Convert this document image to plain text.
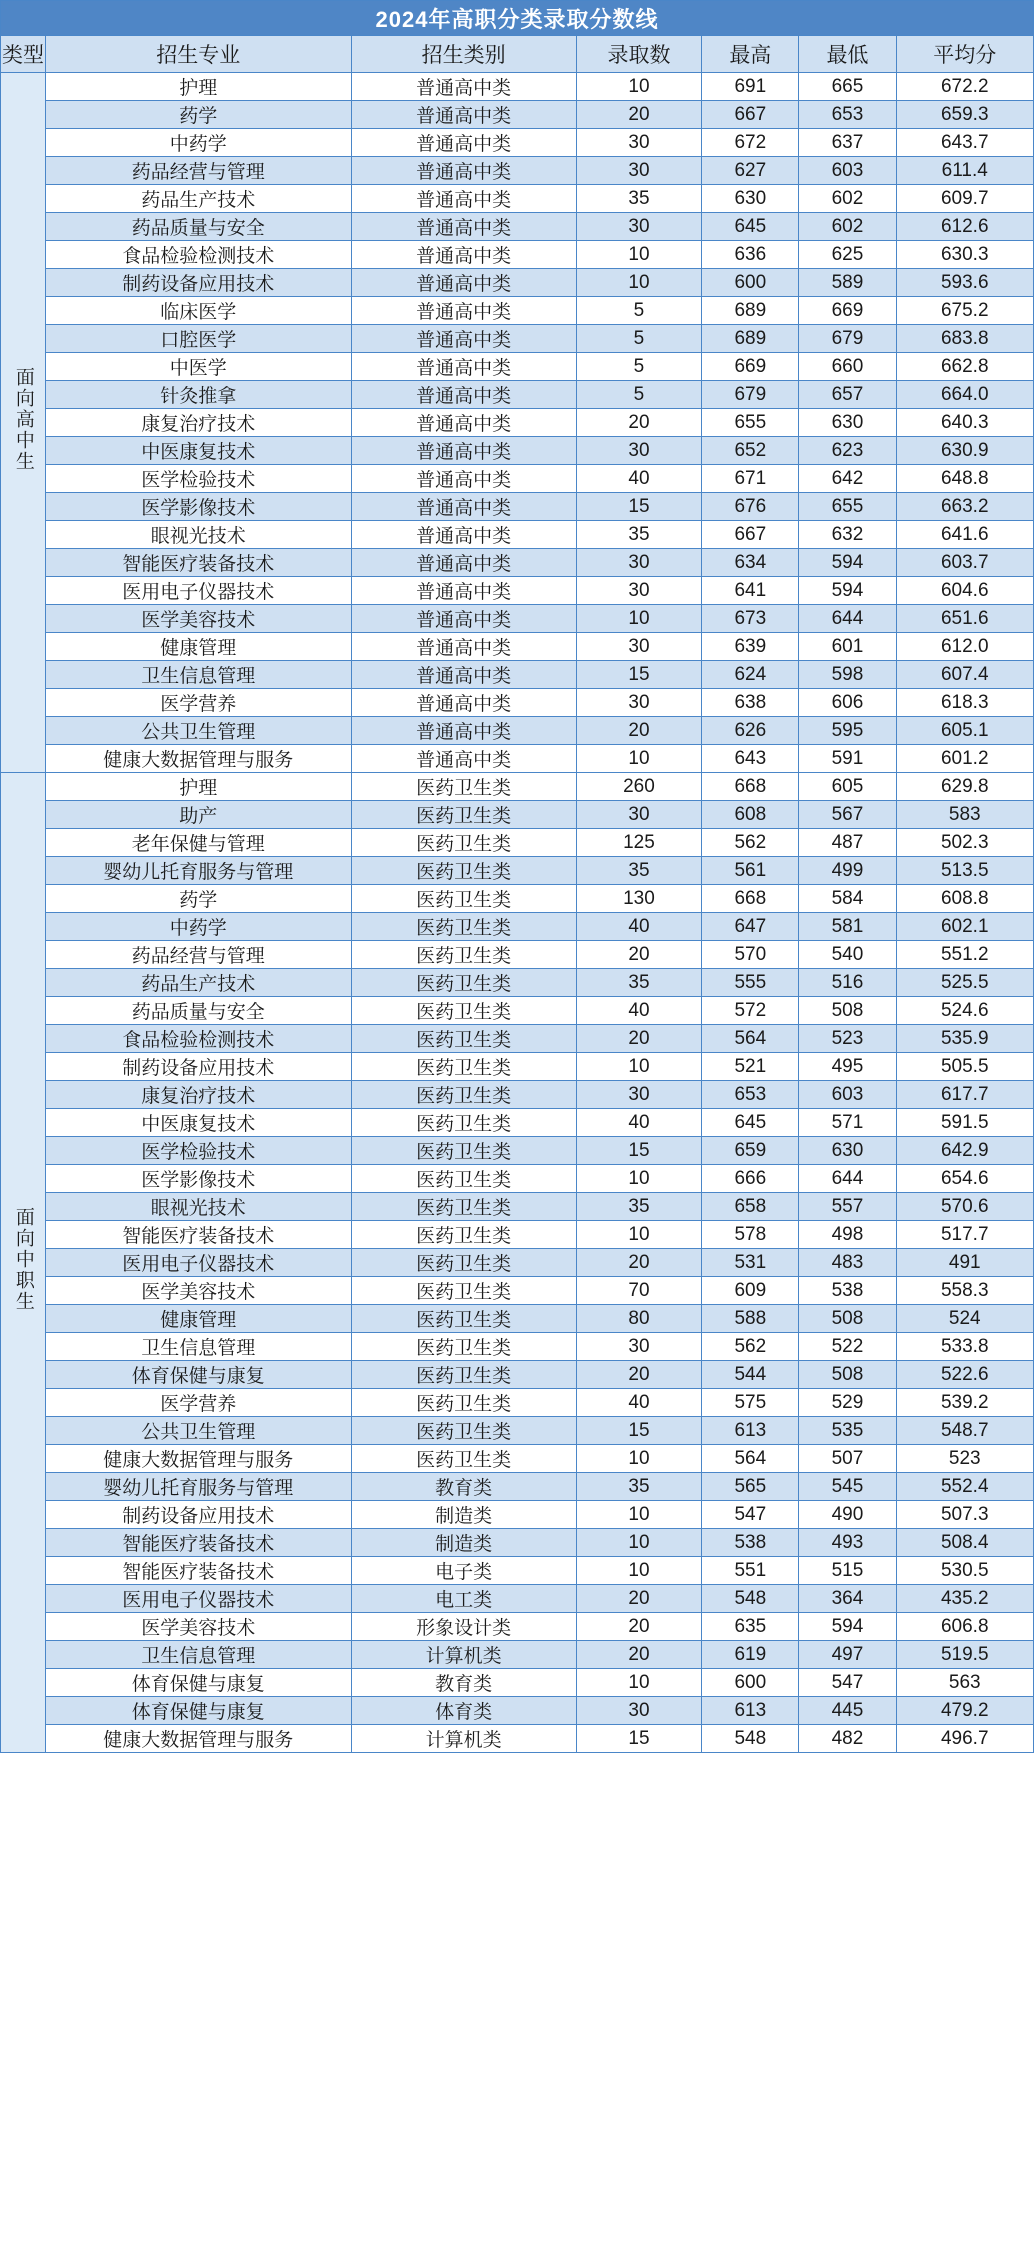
2024年高职分类录取分数线						
类型	招生专业	招生类别	录取数	最高	最低	平均分
面向高中生	护理	普通高中类	10	691	665	672.2
	药学	普通高中类	20	667	653	659.3
	中药学	普通高中类	30	672	637	643.7
	药品经营与管理	普通高中类	30	627	603	611.4
	药品生产技术	普通高中类	35	630	602	609.7
	药品质量与安全	普通高中类	30	645	602	612.6
	食品检验检测技术	普通高中类	10	636	625	630.3
	制药设备应用技术	普通高中类	10	600	589	593.6
	临床医学	普通高中类	5	689	669	675.2
	口腔医学	普通高中类	5	689	679	683.8
	中医学	普通高中类	5	669	660	662.8
	针灸推拿	普通高中类	5	679	657	664.0
	康复治疗技术	普通高中类	20	655	630	640.3
	中医康复技术	普通高中类	30	652	623	630.9
	医学检验技术	普通高中类	40	671	642	648.8
	医学影像技术	普通高中类	15	676	655	663.2
	眼视光技术	普通高中类	35	667	632	641.6
	智能医疗装备技术	普通高中类	30	634	594	603.7
	医用电子仪器技术	普通高中类	30	641	594	604.6
	医学美容技术	普通高中类	10	673	644	651.6
	健康管理	普通高中类	30	639	601	612.0
	卫生信息管理	普通高中类	15	624	598	607.4
	医学营养	普通高中类	30	638	606	618.3
	公共卫生管理	普通高中类	20	626	595	605.1
	健康大数据管理与服务	普通高中类	10	643	591	601.2
面向中职生	护理	医药卫生类	260	668	605	629.8
	助产	医药卫生类	30	608	567	583
	老年保健与管理	医药卫生类	125	562	487	502.3
	婴幼儿托育服务与管理	医药卫生类	35	561	499	513.5
	药学	医药卫生类	130	668	584	608.8
	中药学	医药卫生类	40	647	581	602.1
	药品经营与管理	医药卫生类	20	570	540	551.2
	药品生产技术	医药卫生类	35	555	516	525.5
	药品质量与安全	医药卫生类	40	572	508	524.6
	食品检验检测技术	医药卫生类	20	564	523	535.9
	制药设备应用技术	医药卫生类	10	521	495	505.5
	康复治疗技术	医药卫生类	30	653	603	617.7
	中医康复技术	医药卫生类	40	645	571	591.5
	医学检验技术	医药卫生类	15	659	630	642.9
	医学影像技术	医药卫生类	10	666	644	654.6
	眼视光技术	医药卫生类	35	658	557	570.6
	智能医疗装备技术	医药卫生类	10	578	498	517.7
	医用电子仪器技术	医药卫生类	20	531	483	491
	医学美容技术	医药卫生类	70	609	538	558.3
	健康管理	医药卫生类	80	588	508	524
	卫生信息管理	医药卫生类	30	562	522	533.8
	体育保健与康复	医药卫生类	20	544	508	522.6
	医学营养	医药卫生类	40	575	529	539.2
	公共卫生管理	医药卫生类	15	613	535	548.7
	健康大数据管理与服务	医药卫生类	10	564	507	523
	婴幼儿托育服务与管理	教育类	35	565	545	552.4
	制药设备应用技术	制造类	10	547	490	507.3
	智能医疗装备技术	制造类	10	538	493	508.4
	智能医疗装备技术	电子类	10	551	515	530.5
	医用电子仪器技术	电工类	20	548	364	435.2
	医学美容技术	形象设计类	20	635	594	606.8
	卫生信息管理	计算机类	20	619	497	519.5
	体育保健与康复	教育类	10	600	547	563
	体育保健与康复	体育类	30	613	445	479.2
	健康大数据管理与服务	计算机类	15	548	482	496.7
